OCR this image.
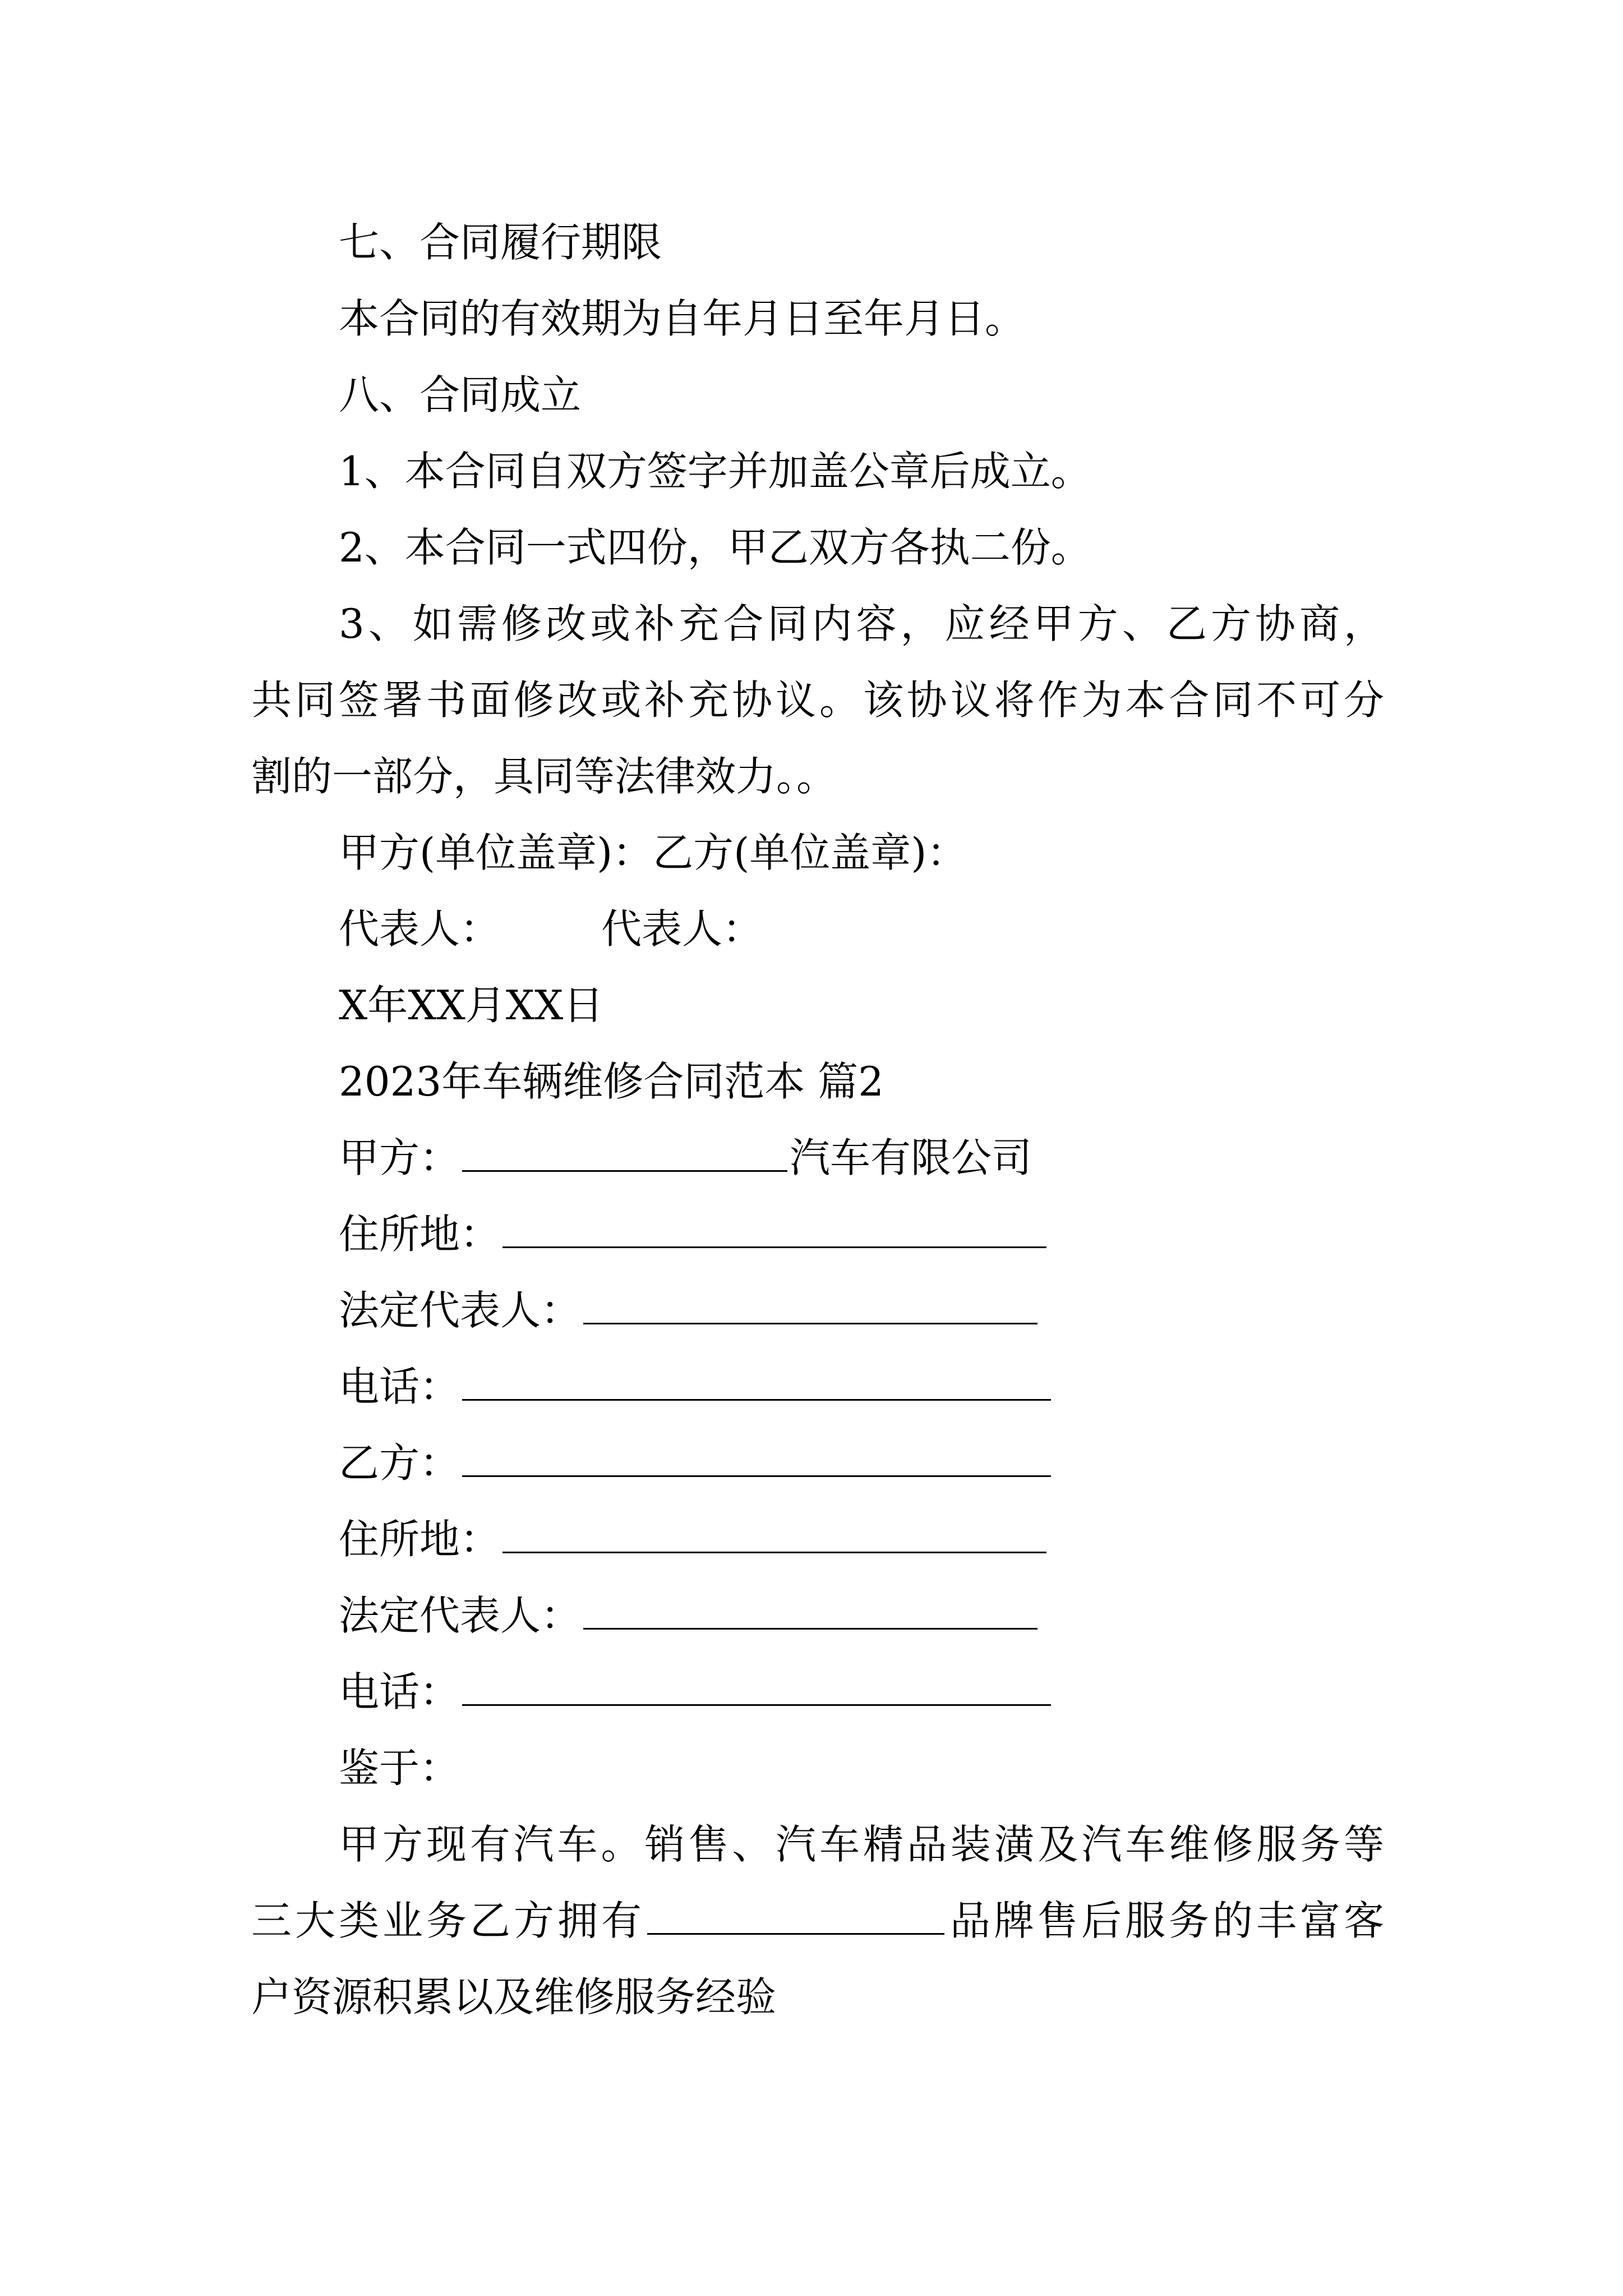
七、合同履行期限
本合同的有效期为自年月日至年月日。
八、合同成立
1、本合同自双方签字并加盖公章后成立。
2、本合同一式四份，甲乙双方各执二份。
3、如需修改或补充合同内容，应经甲方、乙方协商，
共同签署书面修改或补充协议。该协议将作为本合同不可分
割的一部分，具同等法律效力。。
甲方(单位盖章)：乙方(单位盖章)：
代表人：	代表人：
X年XX月XX日
2023年车辆维修合同范本 篇2
甲方：	汽车有限公司
住所地：
法定代表人：
电话：
乙方：
住所地：
法定代表人：
电话：
鉴于：
甲方现有汽车。销售、汽车精品装潢及汽车维修服务等
三大类业务乙方拥有	品牌售后服务的丰富客
户资源积累以及维修服务经验
